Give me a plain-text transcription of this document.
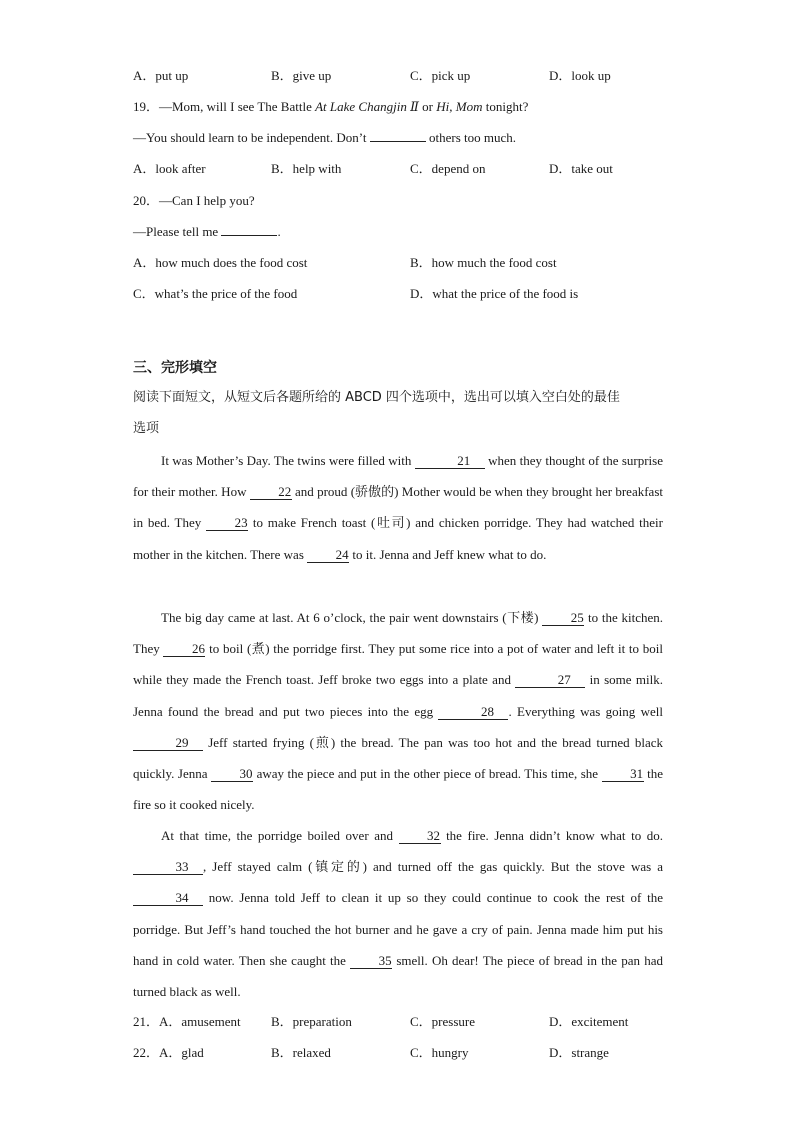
A．put up	B．give up	C．pick up	D．look up
19．—Mom, will I see The Battle At Lake Changjin Ⅱ or Hi, Mom tonight?
—You should learn to be independent. Don’t	others too much.
A．look after	B．help with	C．depend on	D．take out
20．—Can I help you?
—Please tell me	.
A．how much does the food cost	B．how much the food cost
C．what’s the price of the food	D．what the price of the food is
三、完形填空
阅读下面短文，从短文后各题所给的 ABCD 四个选项中，选出可以填入空白处的最佳
选项
It was Mother’s Day. The twins were filled with	21 when they thought of the surprise for their mother. How 22 and proud (骄傲的) Mother would be when they brought her breakfast in bed. They 23 to make French toast (吐司) and chicken porridge. They had watched their mother in the kitchen. There was 24 to it. Jenna and Jeff knew what to do.
The big day came at last. At 6 o’clock, the pair went downstairs (下楼) 25 to the kitchen. They 26 to boil (煮) the porridge first. They put some rice into a pot of water and left it to boil while they made the French toast. Jeff broke two eggs into a plate and	27 in some milk. Jenna found the bread and put two pieces into the egg	28 . Everything was going well 29 Jeff started frying (煎) the bread. The pan was too hot and the bread turned black quickly. Jenna 30 away the piece and put in the other piece of bread. This time, she 31 the fire so it cooked nicely.
At that time, the porridge boiled over and 32 the fire. Jenna didn’t know what to do. 33 , Jeff stayed calm (镇定的) and turned off the gas quickly. But the stove was a 34 now. Jenna told Jeff to clean it up so they could continue to cook the rest of the porridge. But Jeff’s hand touched the hot burner and he gave a cry of pain. Jenna made him put his hand in cold water. Then she caught the 35 smell. Oh dear! The piece of bread in the pan had turned black as well.
21．A．amusement B．preparation	C．pressure	D．excitement
22．A．glad	B．relaxed	C．hungry	D．strange
